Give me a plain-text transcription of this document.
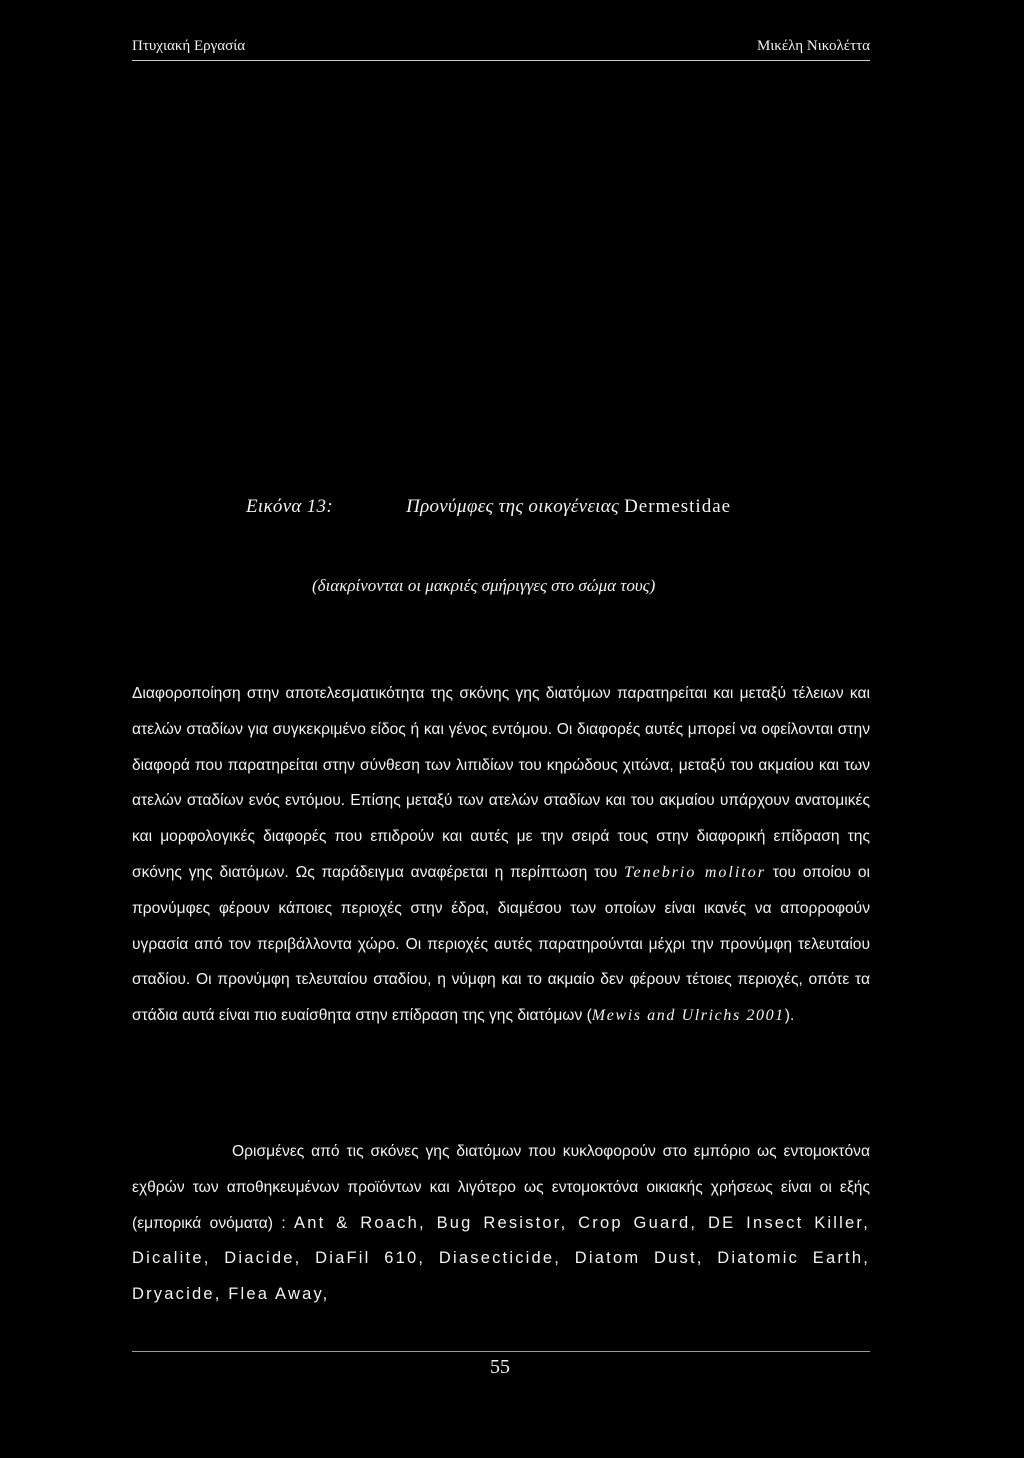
Πτυχιακή Εργασία	Μικέλη Νικολέττα
Εικόνα 13:	Προνύμφες της οικογένειας Dermestidae
(διακρίνονται οι μακριές σμήριγγες στο σώμα τους)

Διαφοροποίηση στην αποτελεσματικότητα της σκόνης γης διατόμων παρατηρείται και μεταξύ τέλειων και ατελών σταδίων για συγκεκριμένο είδος ή και γένος εντόμου. Οι διαφορές αυτές μπορεί να οφείλονται στην διαφορά που παρατηρείται στην σύνθεση των λιπιδίων του κηρώδους χιτώνα, μεταξύ του ακμαίου και των ατελών σταδίων ενός εντόμου. Επίσης μεταξύ των ατελών σταδίων και του ακμαίου υπάρχουν ανατομικές και μορφολογικές διαφορές που επιδρούν και αυτές με την σειρά τους στην διαφορική επίδραση της σκόνης γης διατόμων. Ως παράδειγμα αναφέρεται η περίπτωση του Tenebrio molitor του οποίου οι προνύμφες φέρουν κάποιες περιοχές στην έδρα, διαμέσου των οποίων είναι ικανές να απορροφούν υγρασία από τον περιβάλλοντα χώρο. Οι περιοχές αυτές παρατηρούνται μέχρι την προνύμφη τελευταίου σταδίου. Οι προνύμφη τελευταίου σταδίου, η νύμφη και το ακμαίο δεν φέρουν τέτοιες περιοχές, οπότε τα στάδια αυτά είναι πιο ευαίσθητα στην επίδραση της γης διατόμων (Mewis and Ulrichs 2001).

Ορισμένες από τις σκόνες γης διατόμων που κυκλοφορούν στο εμπόριο ως εντομοκτόνα εχθρών των αποθηκευμένων προϊόντων και λιγότερο ως εντομοκτόνα οικιακής χρήσεως είναι οι εξής (εμπορικά ονόματα) : Ant & Roach, Bug Resistor, Crop Guard, DE Insect Killer, Dicalite, Diacide, DiaFil 610, Diasecticide, Diatom Dust, Diatomic Earth, Dryacide, Flea Away,

55
